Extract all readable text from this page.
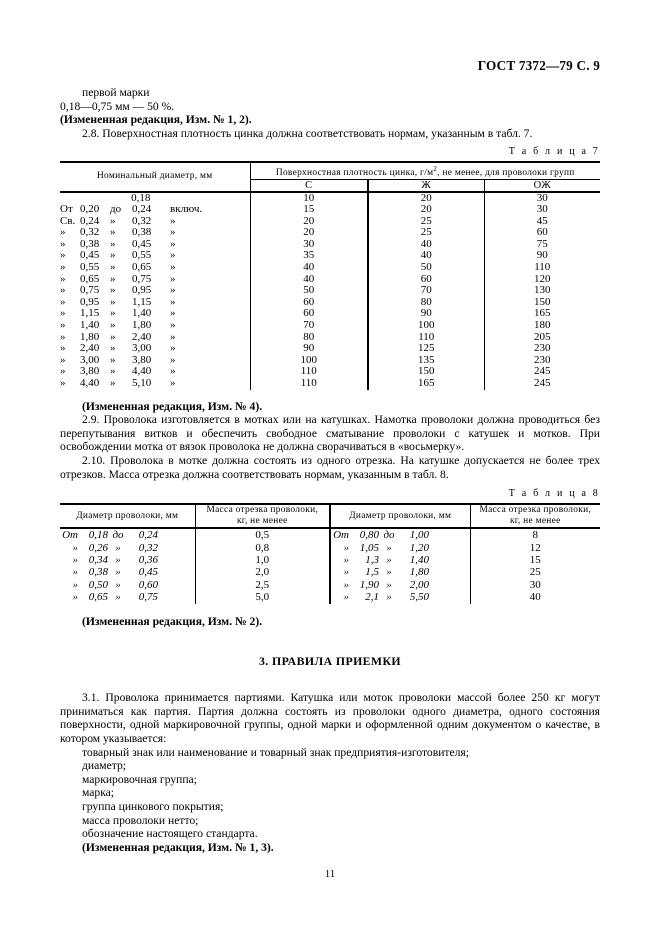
ГОСТ 7372—79 С. 9

первой марки

0,18—0,75 мм — 50 %.

(Измененная редакция, Изм. № 1, 2).

2.8. Поверхностная плотность цинка должна соответствовать нормам, указанным в табл. 7.

Т а б л и ц а 7

Номинальный диаметр, мм	Поверхностная плотность цинка, $г/м^2$, не менее, для проволоки групп		
	С	Ж	ОЖ

0,18	10	20	30
От 0,20 до 0,24 включ.	15	20	30
Св. 0,24 » 0,32 »	20	25	45
» 0,32 » 0,38 »	20	25	60
» 0,38 » 0,45 »	30	40	75
» 0,45 » 0,55 »	35	40	90
» 0,55 » 0,65 »	40	50	110
» 0,65 » 0,75 »	40	60	120
» 0,75 » 0,95 »	50	70	130
» 0,95 » 1,15 »	60	80	150
» 1,15 » 1,40 »	60	90	165
» 1,40 » 1,80 »	70	100	180
» 1,80 » 2,40 »	80	110	205
» 2,40 » 3,00 »	90	125	230
» 3,00 » 3,80 »	100	135	230
» 3,80 » 4,40 »	110	150	245
» 4,40 » 5,10 »	110	165	245

(Измененная редакция, Изм. № 4).

2.9. Проволока изготовляется в мотках или на катушках. Намотка проволоки должна проводиться без перепутывания витков и обеспечить свободное сматывание проволоки с катушек и мотков. При освобождении мотка от вязок проволока не должна сворачиваться в «восьмерку».

2.10. Проволока в мотке должна состоять из одного отрезка. На катушке допускается не более трех отрезков. Масса отрезка должна соответствовать нормам, указанным в табл. 8.

Т а б л и ц а 8

Диаметр проволоки, мм	Масса отрезка проволоки,
кг, не менее	Диаметр проволоки, мм	Масса отрезка проволоки,
кг, не менее
От 0,18 до 0,24	0,5	От 0,80 до 1,00	8
» 0,26 » 0,32	0,8	» 1,05 » 1,20	12
» 0,34 » 0,36	1,0	» 1,3 » 1,40	15
» 0,38 » 0,45	2,0	» 1,5 » 1,80	25
» 0,50 » 0,60	2,5	» 1,90 » 2,00	30
» 0,65 » 0,75	5,0	» 2,1 » 5,50	40

(Измененная редакция, Изм. № 2).

3. ПРАВИЛА ПРИЕМКИ

3.1. Проволока принимается партиями. Катушка или моток проволоки массой более 250 кг могут приниматься как партия. Партия должна состоять из проволоки одного диаметра, одного состояния поверхности, одной маркировочной группы, одной марки и оформленной одним документом о качестве, в котором указывается:

товарный знак или наименование и товарный знак предприятия-изготовителя;

диаметр;

маркировочная группа;

марка;

группа цинкового покрытия;

масса проволоки нетто;

обозначение настоящего стандарта.

(Измененная редакция, Изм. № 1, 3).

11
